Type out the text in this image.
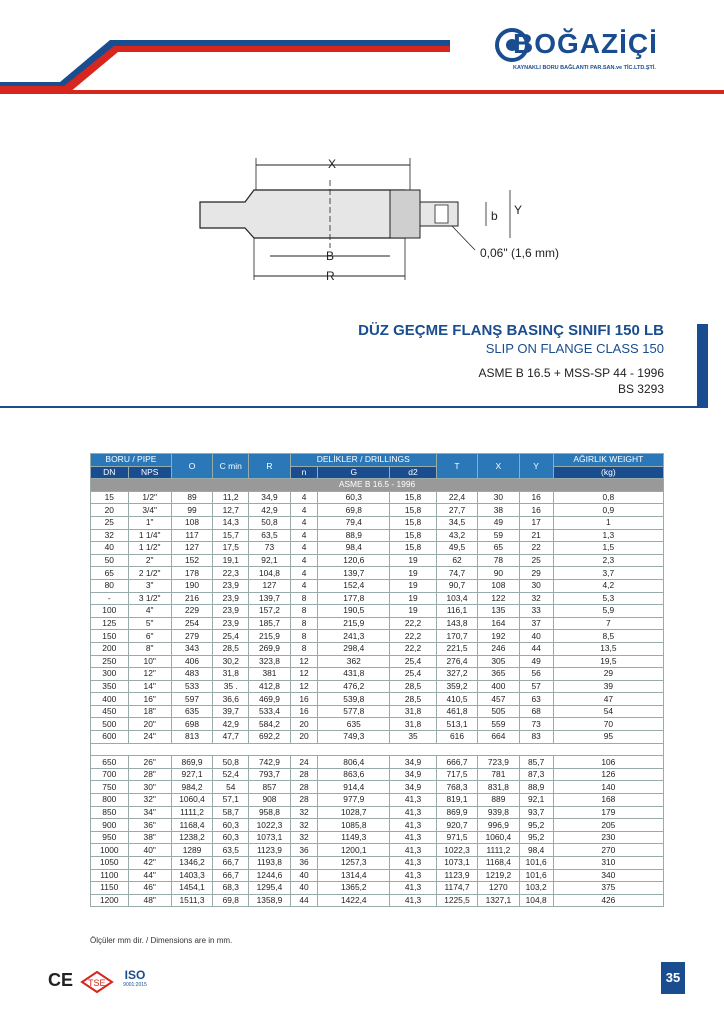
BOĞAZİÇİ
KAYNAKLI BORU BAĞLANTI PAR.SAN.ve TİC.LTD.ŞTİ.
X
b Y
B
R
0,06" (1,6 mm)
DÜZ GEÇME FLANŞ BASINÇ SINIFI 150 LB
SLIP ON FLANGE CLASS 150
ASME B 16.5 + MSS-SP 44 - 1996
BS 3293
BORU / PIPE		O	C min	R	DELİKLER / DRILLINGS			T	X	Y	AĞIRLIK WEIGHT
DN	NPS				n	G	d2				(kg)
ASME B 16.5 - 1996											
15	1/2"	89	11,2	34,9	4	60,3	15,8	22,4	30	16	0,8
20	3/4"	99	12,7	42,9	4	69,8	15,8	27,7	38	16	0,9
25	1"	108	14,3	50,8	4	79,4	15,8	34,5	49	17	1
32	1 1/4"	117	15,7	63,5	4	88,9	15,8	43,2	59	21	1,3
40	1 1/2"	127	17,5	73	4	98,4	15,8	49,5	65	22	1,5
50	2"	152	19,1	92,1	4	120,6	19	62	78	25	2,3
65	2 1/2"	178	22,3	104,8	4	139,7	19	74,7	90	29	3,7
80	3"	190	23,9	127	4	152,4	19	90,7	108	30	4,2
-	3 1/2"	216	23,9	139,7	8	177,8	19	103,4	122	32	5,3
100	4"	229	23,9	157,2	8	190,5	19	116,1	135	33	5,9
125	5"	254	23,9	185,7	8	215,9	22,2	143,8	164	37	7
150	6"	279	25,4	215,9	8	241,3	22,2	170,7	192	40	8,5
200	8"	343	28,5	269,9	8	298,4	22,2	221,5	246	44	13,5
250	10"	406	30,2	323,8	12	362	25,4	276,4	305	49	19,5
300	12"	483	31,8	381	12	431,8	25,4	327,2	365	56	29
350	14"	533	35 .	412,8	12	476,2	28,5	359,2	400	57	39
400	16"	597	36,6	469,9	16	539,8	28,5	410,5	457	63	47
450	18"	635	39,7	533,4	16	577,8	31,8	461,8	505	68	54
500	20"	698	42,9	584,2	20	635	31,8	513,1	559	73	70
600	24"	813	47,7	692,2	20	749,3	35	616	664	83	95
BS 3293											
650	26"	869,9	50,8	742,9	24	806,4	34,9	666,7	723,9	85,7	106
700	28"	927,1	52,4	793,7	28	863,6	34,9	717,5	781	87,3	126
750	30"	984,2	54	857	28	914,4	34,9	768,3	831,8	88,9	140
800	32"	1060,4	57,1	908	28	977,9	41,3	819,1	889	92,1	168
850	34"	1111,2	58,7	958,8	32	1028,7	41,3	869,9	939,8	93,7	179
900	36"	1168,4	60,3	1022,3	32	1085,8	41,3	920,7	996,9	95,2	205
950	38"	1238,2	60,3	1073,1	32	1149,3	41,3	971,5	1060,4	95,2	230
1000	40"	1289	63,5	1123,9	36	1200,1	41,3	1022,3	1111,2	98,4	270
1050	42"	1346,2	66,7	1193,8	36	1257,3	41,3	1073,1	1168,4	101,6	310
1100	44"	1403,3	66,7	1244,6	40	1314,4	41,3	1123,9	1219,2	101,6	340
1150	46"	1454,1	68,3	1295,4	40	1365,2	41,3	1174,7	1270	103,2	375
1200	48"	1511,3	69,8	1358,9	44	1422,4	41,3	1225,5	1327,1	104,8	426
Ölçüler mm dir. / Dimensions are in mm.
CE TSE
ISO
9001:2015	35
